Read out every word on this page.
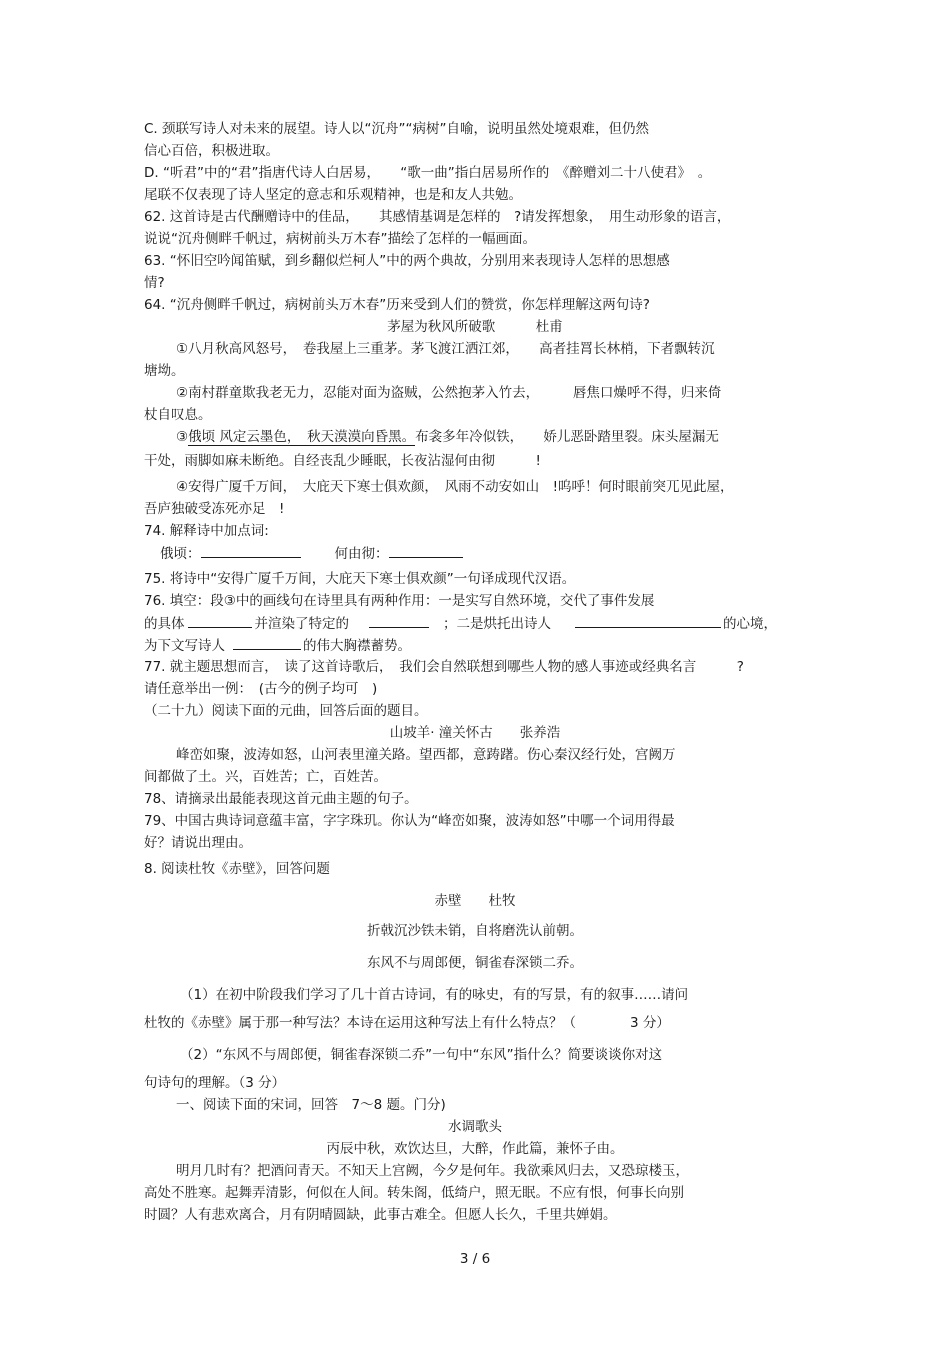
C. 颈联写诗人对未来的展望。诗人以“沉舟”“病树”自喻，说明虽然处境艰难，但仍然
信心百倍，积极进取。
D. “听君”中的“君”指唐代诗人白居易，　　“歌一曲”指白居易所作的　《醉赠刘二十八使君》　。
尾联不仅表现了诗人坚定的意志和乐观精神，也是和友人共勉。
62. 这首诗是古代酬赠诗中的佳品，　　其感情基调是怎样的　?请发挥想象，　用生动形象的语言，
说说“沉舟侧畔千帆过，病树前头万木春”描绘了怎样的一幅画面。
63. “怀旧空吟闻笛赋，到乡翻似烂柯人”中的两个典故，分别用来表现诗人怎样的思想感
情?
64. “沉舟侧畔千帆过，病树前头万木春”历来受到人们的赞赏，你怎样理解这两句诗?
茅屋为秋风所破歌　　　杜甫
①八月秋高风怒号，　卷我屋上三重茅。茅飞渡江洒江郊，　　高者挂罥长林梢，下者飘转沉
塘坳。
②南村群童欺我老无力，忍能对面为盗贼，公然抱茅入竹去，　　　唇焦口燥呼不得，归来倚
杖自叹息。
③俄顷 风定云墨色，　秋天漠漠向昏黑。布衾多年冷似铁，　　娇儿恶卧踏里裂。床头屋漏无
干处，雨脚如麻未断绝。自经丧乱少睡眠，长夜沾湿何由彻　　　!
④安得广厦千万间，　大庇天下寒士俱欢颜，　风雨不动安如山　!呜呼！何时眼前突兀见此屋，
吾庐独破受冻死亦足　!
74. 解释诗中加点词:
俄顷：	何由彻：
75. 将诗中“安得广厦千万间，大庇天下寒士俱欢颜”一句译成现代汉语。
76. 填空：段③中的画线句在诗里具有两种作用：一是实写自然环境，交代了事件发展
的具体	并渲染了特定的	；二是烘托出诗人	的心境，
为下文写诗人	的伟大胸襟蓄势。
77. 就主题思想而言，　读了这首诗歌后，　我们会自然联想到哪些人物的感人事迹或经典名言　　　?
请任意举出一例：　(古今的例子均可　)
（二十九）阅读下面的元曲，回答后面的题目。
山坡羊· 潼关怀古　　张养浩
峰峦如聚，波涛如怒，山河表里潼关路。望西都，意踌躇。伤心秦汉经行处，宫阙万
间都做了土。兴，百姓苦；亡，百姓苦。
78、请摘录出最能表现这首元曲主题的句子。
79、中国古典诗词意蕴丰富，字字珠玑。你认为“峰峦如聚，波涛如怒”中哪一个词用得最
好？请说出理由。
8. 阅读杜牧《赤壁》，回答问题
赤壁　　杜牧
折戟沉沙铁未销，自将磨洗认前朝。
东风不与周郎便，铜雀春深锁二乔。
（1）在初中阶段我们学习了几十首古诗词，有的咏史，有的写景，有的叙事……请问
杜牧的《赤壁》属于那一种写法？本诗在运用这种写法上有什么特点？（　　　　3 分）
（2）“东风不与周郎便，铜雀春深锁二乔”一句中“东风”指什么？简要谈谈你对这
句诗句的理解。（3 分）
一、阅读下面的宋词，回答　7～8 题。门分)
水调歌头
丙辰中秋，欢饮达旦，大醉，作此篇，兼怀子由。
明月几时有？把酒问青天。不知天上宫阙，今夕是何年。我欲乘风归去，又恐琼楼玉，
高处不胜寒。起舞弄清影，何似在人间。转朱阁，低绮户，照无眠。不应有恨，何事长向别
时圆？人有悲欢离合，月有阴晴圆缺，此事古难全。但愿人长久，千里共婵娟。
3 / 6
